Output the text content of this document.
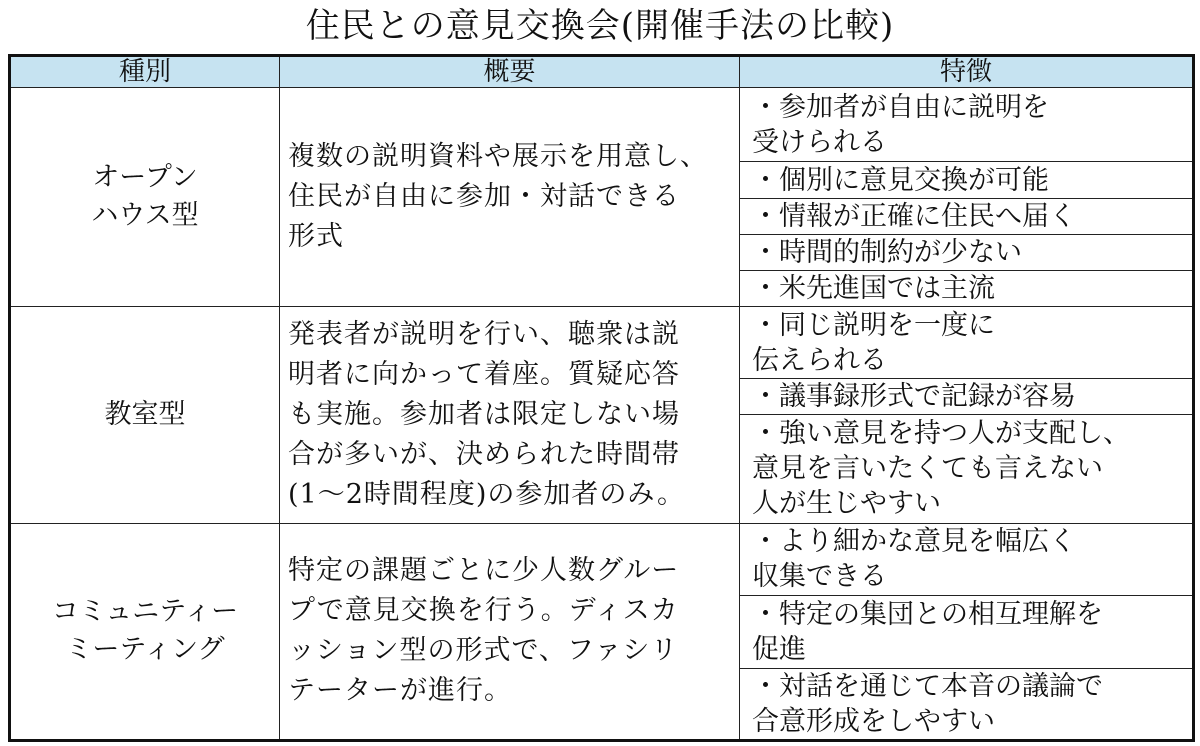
住民との意見交換会(開催手法の比較)
種別	概要	特徴
オープン
ハウス型	複数の説明資料や展示を用意し、
住民が自由に参加・対話できる
形式	・参加者が自由に説明を
受けられる
		・個別に意見交換が可能
		・情報が正確に住民へ届く
		・時間的制約が少ない
		・米先進国では主流
教室型	発表者が説明を行い、聴衆は説
明者に向かって着座。質疑応答
も実施。参加者は限定しない場
合が多いが、決められた時間帯
(1〜2時間程度)の参加者のみ。	・同じ説明を一度に
伝えられる
		・議事録形式で記録が容易
		・強い意見を持つ人が支配し、
意見を言いたくても言えない
人が生じやすい
コミュニティー
ミーティング	特定の課題ごとに少人数グルー
プで意見交換を行う。ディスカ
ッション型の形式で、ファシリ
テーターが進行。	・より細かな意見を幅広く
収集できる
		・特定の集団との相互理解を
促進
		・対話を通じて本音の議論で
合意形成をしやすい
